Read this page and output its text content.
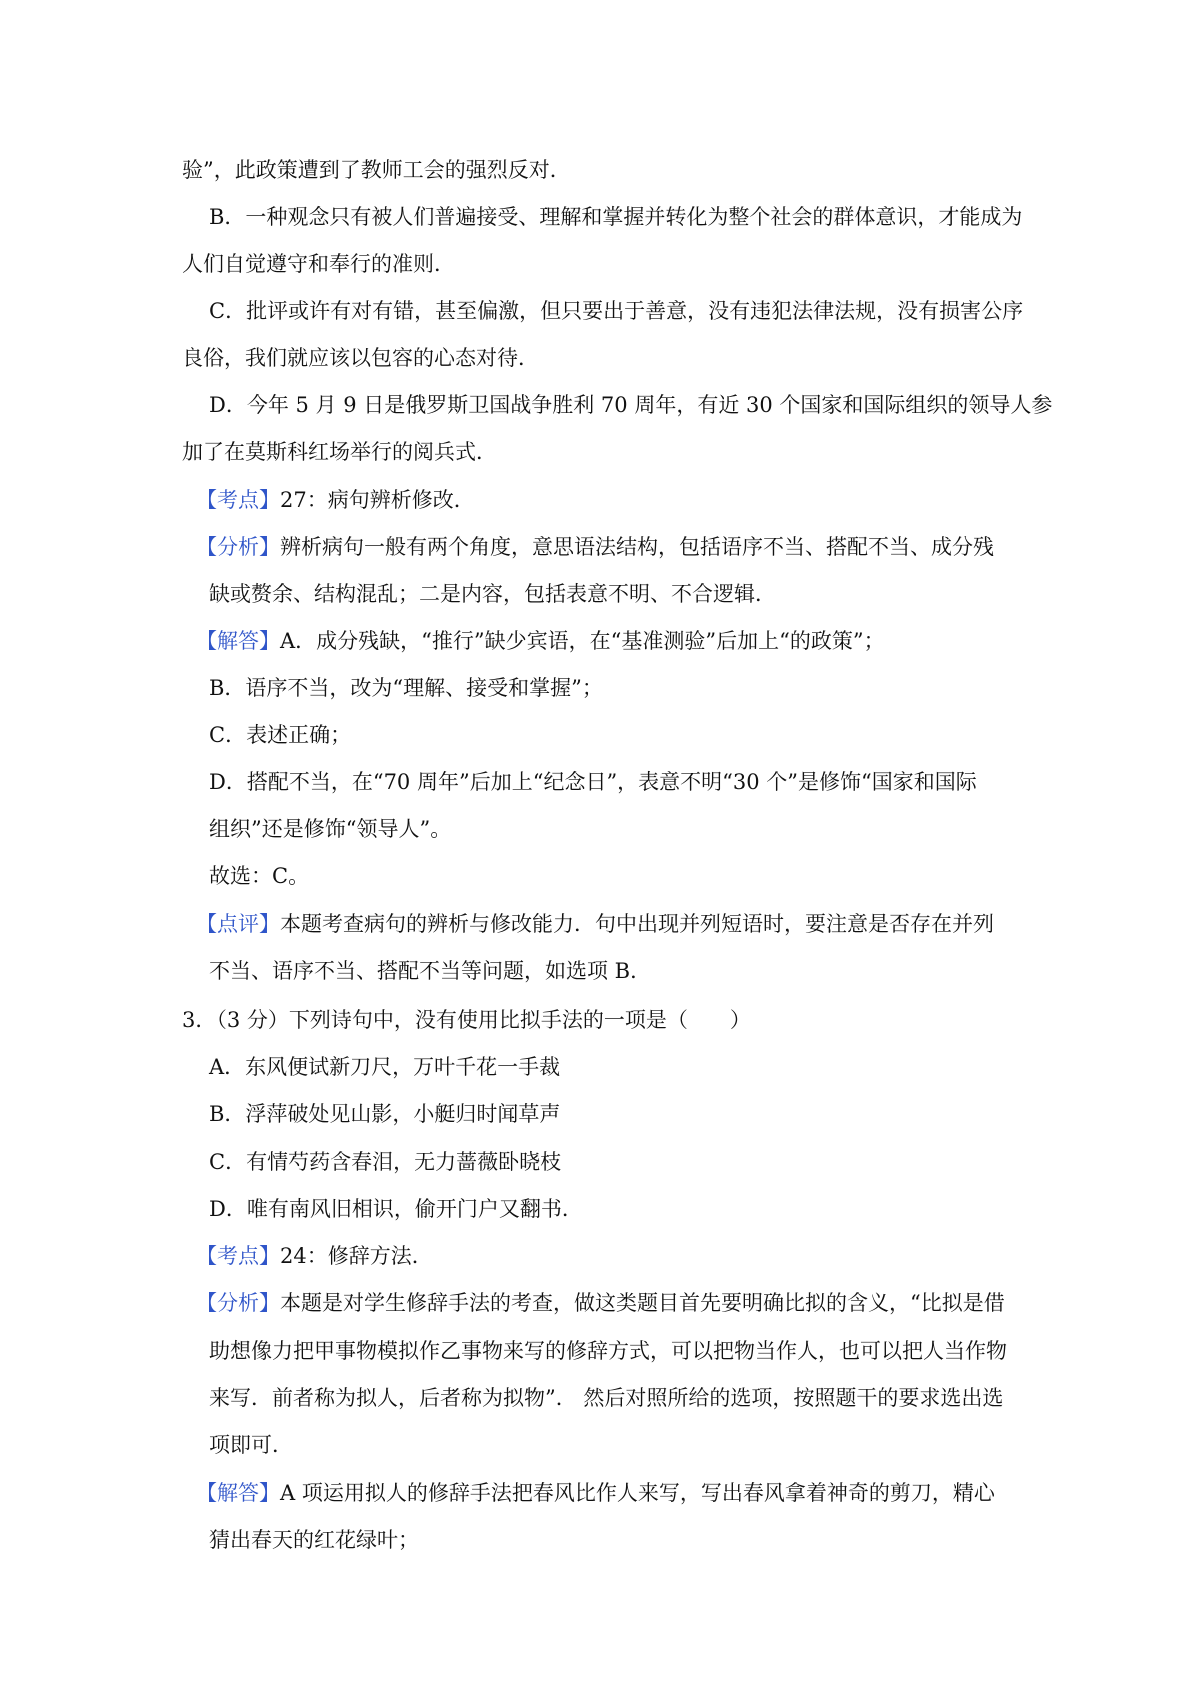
验”，此政策遭到了教师工会的强烈反对．
B．一种观念只有被人们普遍接受、理解和掌握并转化为整个社会的群体意识，才能成为
人们自觉遵守和奉行的准则．
C．批评或许有对有错，甚至偏激，但只要出于善意，没有违犯法律法规，没有损害公序
良俗，我们就应该以包容的心态对待．
D．今年 5 月 9 日是俄罗斯卫国战争胜利 70 周年，有近 30 个国家和国际组织的领导人参
加了在莫斯科红场举行的阅兵式．
【考点】27：病句辨析修改．
【分析】辨析病句一般有两个角度，意思语法结构，包括语序不当、搭配不当、成分残
缺或赘余、结构混乱；二是内容，包括表意不明、不合逻辑．
【解答】A．成分残缺，“推行”缺少宾语，在“基准测验”后加上“的政策”；
B．语序不当，改为“理解、接受和掌握”；
C．表述正确；
D．搭配不当，在“70 周年”后加上“纪念日”，表意不明“30 个”是修饰“国家和国际
组织”还是修饰“领导人”。
故选：C。
【点评】本题考查病句的辨析与修改能力．句中出现并列短语时，要注意是否存在并列
不当、语序不当、搭配不当等问题，如选项 B．
3．（3 分）下列诗句中，没有使用比拟手法的一项是（　　）
A．东风便试新刀尺，万叶千花一手裁
B．浮萍破处见山影，小艇归时闻草声
C．有情芍药含春泪，无力蔷薇卧晓枝
D．唯有南风旧相识，偷开门户又翻书．
【考点】24：修辞方法．
【分析】本题是对学生修辞手法的考查，做这类题目首先要明确比拟的含义，“比拟是借
助想像力把甲事物模拟作乙事物来写的修辞方式，可以把物当作人，也可以把人当作物
来写．前者称为拟人，后者称为拟物”． 然后对照所给的选项，按照题干的要求选出选
项即可．
【解答】A 项运用拟人的修辞手法把春风比作人来写，写出春风拿着神奇的剪刀，精心
猜出春天的红花绿叶；
